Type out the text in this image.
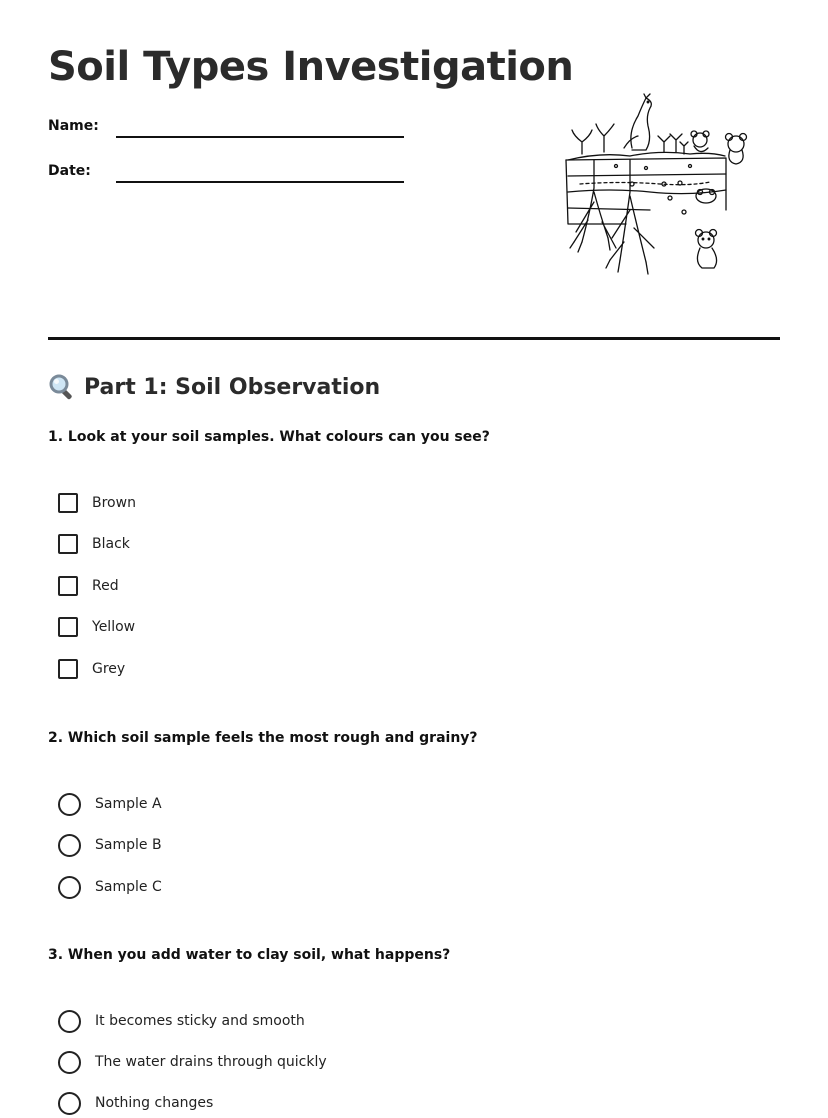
Soil Types Investigation
Name:
Date:
Part 1: Soil Observation

1. Look at your soil samples. What colours can you see?

Brown
Black
Red
Yellow
Grey

2. Which soil sample feels the most rough and grainy?

Sample A
Sample B
Sample C

3. When you add water to clay soil, what happens?

It becomes sticky and smooth
The water drains through quickly
Nothing changes
